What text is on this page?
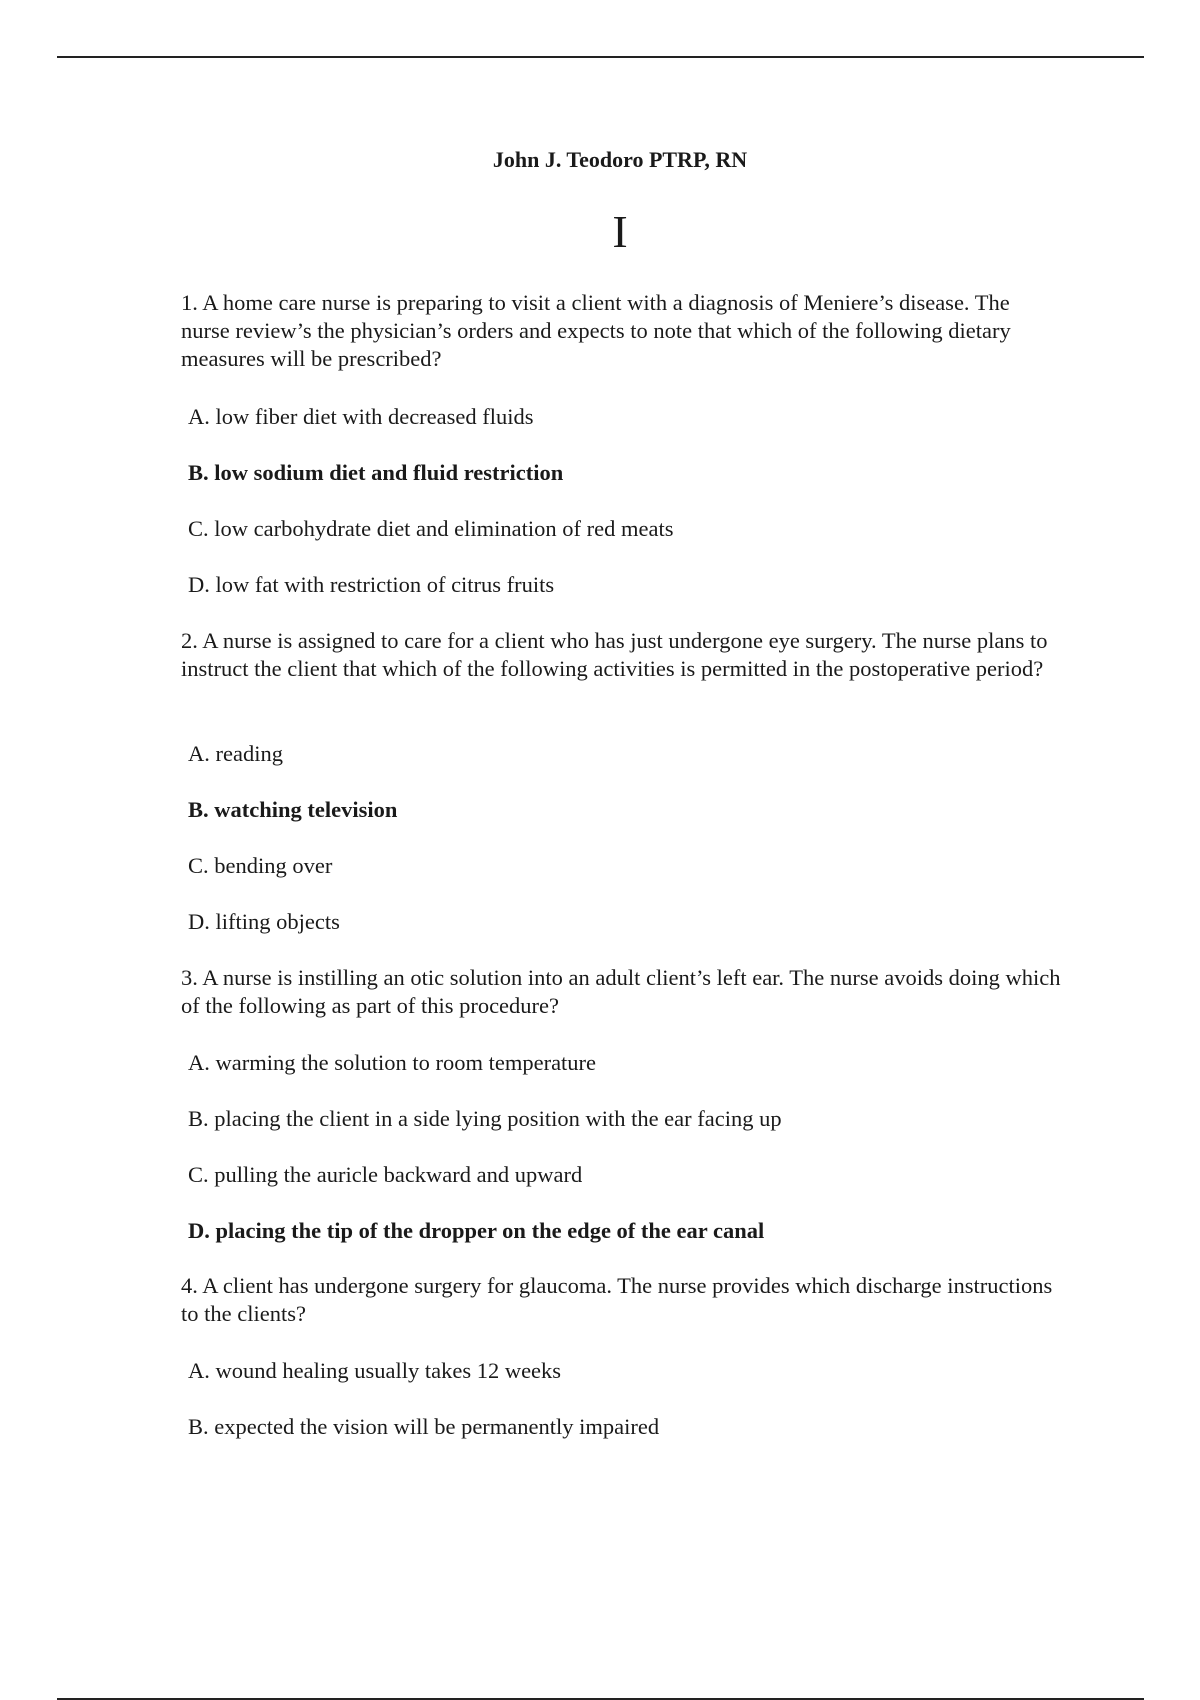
John J. Teodoro PTRP, RN
I

1. A home care nurse is preparing to visit a client with a diagnosis of Meniere’s disease. The nurse review’s the physician’s orders and expects to note that which of the following dietary measures will be prescribed?

A. low fiber diet with decreased fluids

B. low sodium diet and fluid restriction

C. low carbohydrate diet and elimination of red meats

D. low fat with restriction of citrus fruits

2. A nurse is assigned to care for a client who has just undergone eye surgery. The nurse plans to instruct the client that which of the following activities is permitted in the postoperative period?

A. reading

B. watching television

C. bending over

D. lifting objects

3. A nurse is instilling an otic solution into an adult client’s left ear. The nurse avoids doing which of the following as part of this procedure?

A. warming the solution to room temperature

B. placing the client in a side lying position with the ear facing up

C. pulling the auricle backward and upward

D. placing the tip of the dropper on the edge of the ear canal

4. A client has undergone surgery for glaucoma. The nurse provides which discharge instructions to the clients?

A. wound healing usually takes 12 weeks

B. expected the vision will be permanently impaired
